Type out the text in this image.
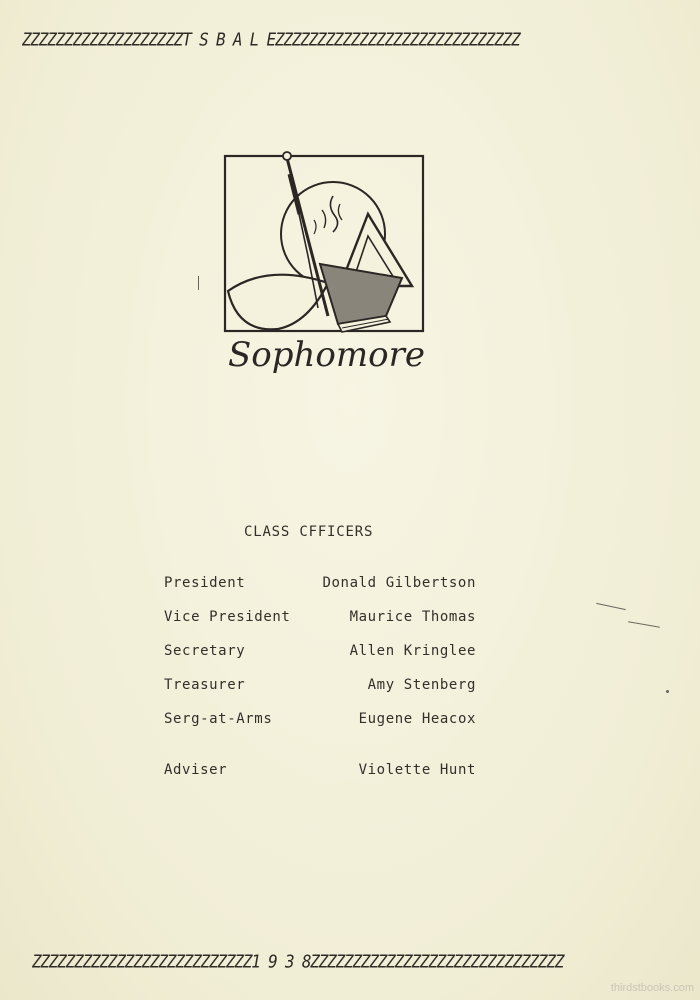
ZZZZZZZZZZZZZZZZZZZT S B A L EZZZZZZZZZZZZZZZZZZZZZZZZZZZZZ
Sophomore
CLASS CFFICERS
President	Donald Gilbertson
Vice President	Maurice Thomas
Secretary	Allen Kringlee
Treasurer	Amy Stenberg
Serg-at-Arms	Eugene Heacox
Adviser	Violette Hunt
ZZZZZZZZZZZZZZZZZZZZZZZZZZ1 9 3 8ZZZZZZZZZZZZZZZZZZZZZZZZZZZZZZ
thirdstbooks.com
